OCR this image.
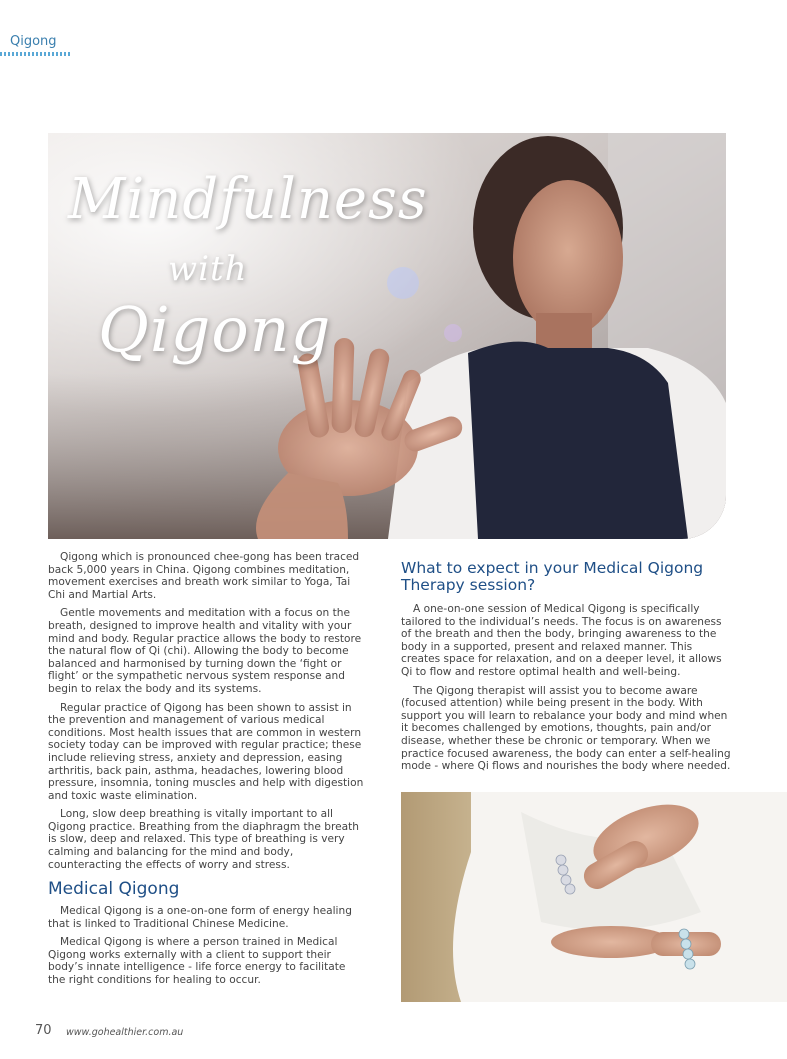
Qigong
Mindfulness
with
Qigong

Qigong which is pronounced chee-gong has been traced back 5,000 years in China. Qigong combines meditation, movement exercises and breath work similar to Yoga, Tai Chi and Martial Arts.

Gentle movements and meditation with a focus on the breath, designed to improve health and vitality with your mind and body. Regular practice allows the body to restore the natural flow of Qi (chi). Allowing the body to become balanced and harmonised by turning down the ‘fight or flight’ or the sympathetic nervous system response and begin to relax the body and its systems.

Regular practice of Qigong has been shown to assist in the prevention and management of various medical conditions. Most health issues that are common in western society today can be improved with regular practice; these include relieving stress, anxiety and depression, easing arthritis, back pain, asthma, headaches, lowering blood pressure, insomnia, toning muscles and help with digestion and toxic waste elimination.

Long, slow deep breathing is vitally important to all Qigong practice. Breathing from the diaphragm the breath is slow, deep and relaxed. This type of breathing is very calming and balancing for the mind and body, counteracting the effects of worry and stress.

Medical Qigong

Medical Qigong is a one-on-one form of energy healing that is linked to Traditional Chinese Medicine.

Medical Qigong is where a person trained in Medical Qigong works externally with a client to support their body’s innate intelligence - life force energy to facilitate the right conditions for healing to occur.

What to expect in your Medical Qigong Therapy session?

A one-on-one session of Medical Qigong is specifically tailored to the individual’s needs. The focus is on awareness of the breath and then the body, bringing awareness to the body in a supported, present and relaxed manner. This creates space for relaxation, and on a deeper level, it allows Qi to flow and restore optimal health and well-being.

The Qigong therapist will assist you to become aware (focused attention) while being present in the body. With support you will learn to rebalance your body and mind when it becomes challenged by emotions, thoughts, pain and/or disease, whether these be chronic or temporary. When we practice focused awareness, the body can enter a self-healing mode - where Qi flows and nourishes the body where needed.

70 www.gohealthier.com.au
